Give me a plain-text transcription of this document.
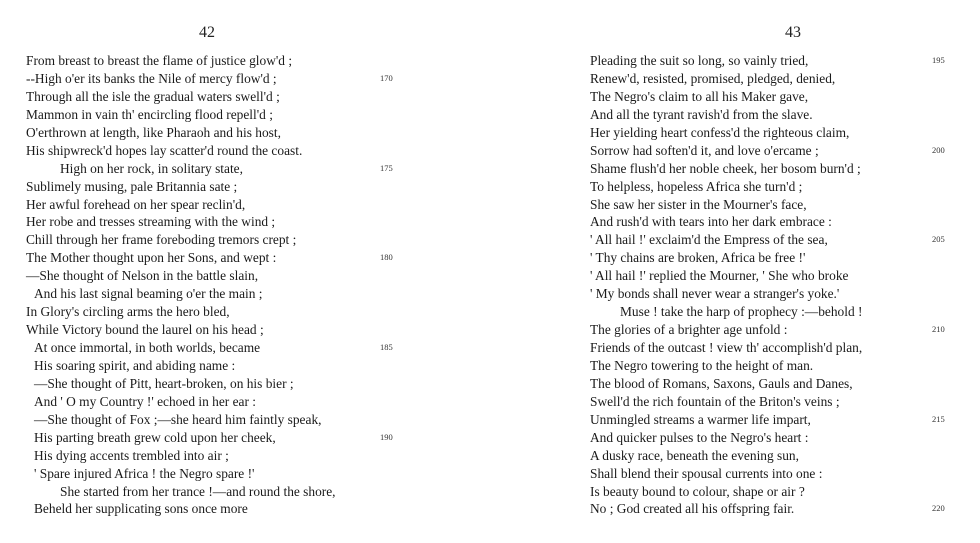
42
From breast to breast the flame of justice glow'd ;
--High o'er its banks the Nile of mercy flow'd ;	170
Through all the isle the gradual waters swell'd ;
Mammon in vain th' encircling flood repell'd ;
O'erthrown at length, like Pharaoh and his host,
His shipwreck'd hopes lay scatter'd round the coast.
High on her rock, in solitary state,	175
Sublimely musing, pale Britannia sate ;
Her awful forehead on her spear reclin'd,
Her robe and tresses streaming with the wind ;
Chill through her frame foreboding tremors crept ;
The Mother thought upon her Sons, and wept :	180
—She thought of Nelson in the battle slain,
And his last signal beaming o'er the main ;
In Glory's circling arms the hero bled,
While Victory bound the laurel on his head ;
At once immortal, in both worlds, became	185
His soaring spirit, and abiding name :
—She thought of Pitt, heart-broken, on his bier ;
And ' O my Country !' echoed in her ear :
—She thought of Fox ;—she heard him faintly speak,
His parting breath grew cold upon her cheek,	190
His dying accents trembled into air ;
' Spare injured Africa ! the Negro spare !'
She started from her trance !—and round the shore,
Beheld her supplicating sons once more
43
Pleading the suit so long, so vainly tried,	195
Renew'd, resisted, promised, pledged, denied,
The Negro's claim to all his Maker gave,
And all the tyrant ravish'd from the slave.
Her yielding heart confess'd the righteous claim,
Sorrow had soften'd it, and love o'ercame ;	200
Shame flush'd her noble cheek, her bosom burn'd ;
To helpless, hopeless Africa she turn'd ;
She saw her sister in the Mourner's face,
And rush'd with tears into her dark embrace :
' All hail !' exclaim'd the Empress of the sea,	205
' Thy chains are broken, Africa be free !'
' All hail !' replied the Mourner, ' She who broke
' My bonds shall never wear a stranger's yoke.'
Muse ! take the harp of prophecy :—behold !
The glories of a brighter age unfold :	210
Friends of the outcast ! view th' accomplish'd plan,
The Negro towering to the height of man.
The blood of Romans, Saxons, Gauls and Danes,
Swell'd the rich fountain of the Briton's veins ;
Unmingled streams a warmer life impart,	215
And quicker pulses to the Negro's heart :
A dusky race, beneath the evening sun,
Shall blend their spousal currents into one :
Is beauty bound to colour, shape or air ?
No ; God created all his offspring fair.	220
